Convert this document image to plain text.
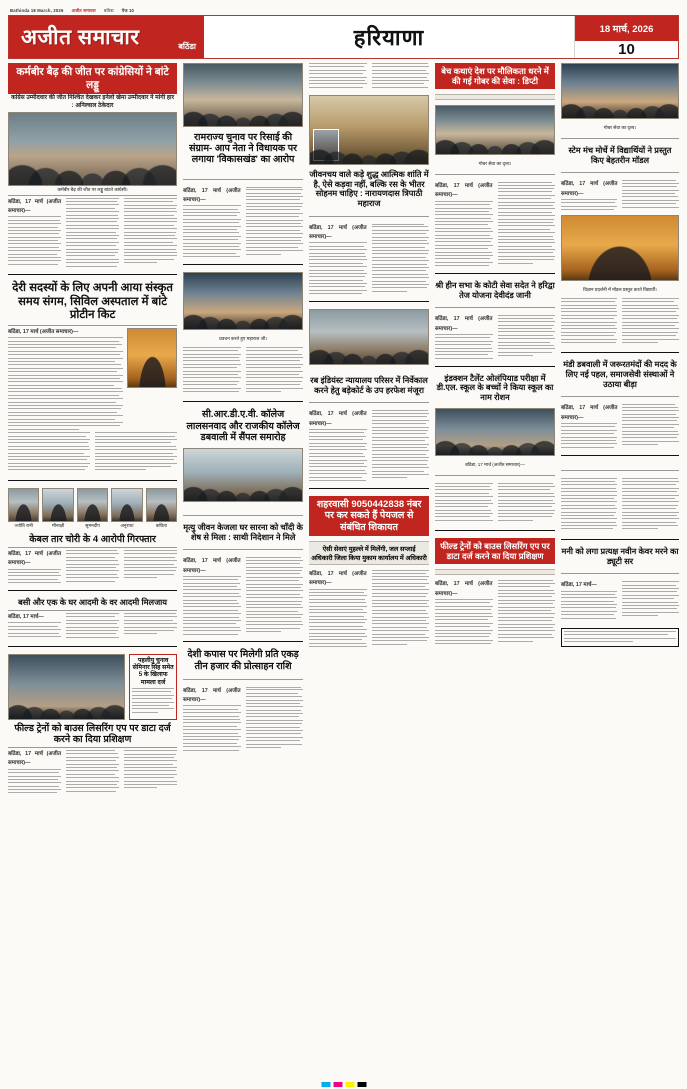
Bathinda 18 March, 2026 अजीत समाचार बठिंडा पेज 10
अजीत समाचार	बठिंडा	हरियाणा	18 मार्च, 2026
10
कर्मबीर बैढ़ की जीत पर कांग्रेसियों ने बांटे लड्डू
कांग्रेस उम्मीदवार की जीत निश्चित देखकर इनेलो खेमा उम्मीदवार ने मांगी हार : अनिल्वाल ठेकेदार
कर्मबीर बैढ़ की जीत पर लड्डू बांटते कांग्रेसी।
बठिंडा, 17 मार्च (अजीत समाचार)—
देरी सदस्यों के लिए अपनी आया संस्कृत समय संगम, सिविल अस्पताल में बांटे प्रोटीन किट
बठिंडा, 17 मार्च (अजीत समाचार)—
ज्योति रानी	मीनाक्षी	सुमनदीप	अनुराधा	कविता
केबल तार चोरी के 4 आरोपी गिरफ्तार
बठिंडा, 17 मार्च (अजीत समाचार)—
बसी और एक के घर आदमी के वर आदमी मिलजाय
बठिंडा, 17 मार्च—
पहलीयु चुनाव सेमिनार सिंह समेत 5 के खिलाफ मामला दर्ज
फील्ड ट्रेनों को बाउस लिसरिंग एप पर डाटा दर्ज करने का दिया प्रशिक्षण
बठिंडा, 17 मार्च (अजीत समाचार)—
रामराज्य चुनाव पर रिसाई की संग्राम- आप नेता ने विधायक पर लगाया 'विकासखंड' का आरोप
बठिंडा, 17 मार्च (अजीत समाचार)—
प्रवचन करते हुए महाराज जी।
सी.आर.डी.ए.वी. कॉलेज लालसनवाद और राजकीय कॉलेज डबवाली में सैंपल समारोह
मृत्यु जीवन केजला घर सारना को चाँदी के शेष से मिला : साथी निदेशान ने मिले
बठिंडा, 17 मार्च (अजीत समाचार)—
देशी कपास पर मिलेगी प्रति एकड़ तीन हजार की प्रोत्साहन राशि
बठिंडा, 17 मार्च (अजीत समाचार)—
जीवनचय वाले कड़े शुद्ध आत्मिक शांति में है, ऐसे कड़वा नहीं, बल्कि रस के भीतर सोहनम चाहिए : नारायणदास त्रिपाठी महाराज
बठिंडा, 17 मार्च (अजीत समाचार)—
रब इंडियंस्ट न्यायालय परिसर में निर्वेकाल करने हेतु बड़ेकोर्ट के उप हरफेश मंजूरा
बठिंडा, 17 मार्च (अजीत समाचार)—
शहरवासी 9050442838 नंबर पर कर सकते हैं पेयजल से संबंधित शिकायत
ऐसी सेवाएं मुहल्ले में मिलेंगी, जल सप्लाई अधिकारी जिला किया मुकाम कार्यालय में अधिकारी
बठिंडा, 17 मार्च (अजीत समाचार)—
बेच कथाएं देश पर मौलिकता धरने में की गई गोबर की सेवा : डिप्टी
गोबर सेवा का दृश्य।
बठिंडा, 17 मार्च (अजीत समाचार)—
श्री हीन सभा के कोटी सेवा सदेत ने हरिद्वा तेज योजना देवीदंड जानी
बठिंडा, 17 मार्च (अजीत समाचार)—
इंडक्शन टैलेंट ओलंपियाड परीक्षा में डी.एल. स्कूल के बच्चों ने किया स्कूल का नाम रोशन
बठिंडा, 17 मार्च (अजीत समाचार)—
फील्ड ट्रेनों को बाउस लिसरिंग एप पर डाटा दर्ज करने का दिया प्रशिक्षण
बठिंडा, 17 मार्च (अजीत समाचार)—
गोबर सेवा का दृश्य।
स्टेम मंच मोर्चे में विद्यार्थियों ने प्रस्तुत किए बेहतरीन मॉडल
बठिंडा, 17 मार्च (अजीत समाचार)—
विज्ञान प्रदर्शनी में मॉडल प्रस्तुत करते विद्यार्थी।
मंडी डबवाली में जरूरतमंदों की मदद के लिए नई पहल, समाजसेवी संस्थाओं ने उठाया बीड़ा
बठिंडा, 17 मार्च (अजीत समाचार)—
मनी को लगा प्रत्यक्ष नवीन केवर मरने का ड्यूटी सर
बठिंडा, 17 मार्च—
